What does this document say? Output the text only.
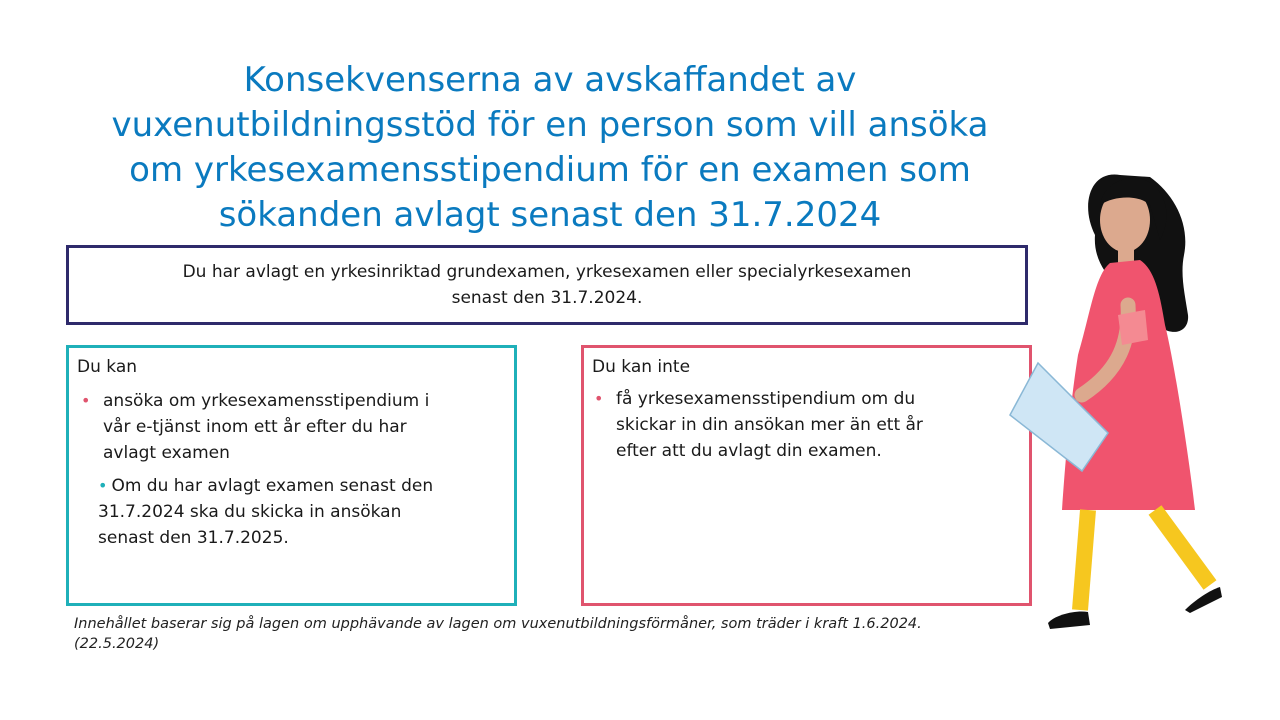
Konsekvenserna av avskaffandet av
vuxenutbildningsstöd för en person som vill ansöka
om yrkesexamensstipendium för en examen som
sökanden avlagt senast den 31.7.2024
Du har avlagt en yrkesinriktad grundexamen, yrkesexamen eller specialyrkesexamen
senast den 31.7.2024.
Du kan
• ansöka om yrkesexamensstipendium i
vår e-tjänst inom ett år efter du har
avlagt examen
• Om du har avlagt examen senast den
31.7.2024 ska du skicka in ansökan
senast den 31.7.2025.
Du kan inte
• få yrkesexamensstipendium om du
skickar in din ansökan mer än ett år
efter att du avlagt din examen.
Innehållet baserar sig på lagen om upphävande av lagen om vuxenutbildningsförmåner, som träder i kraft 1.6.2024.
(22.5.2024)
